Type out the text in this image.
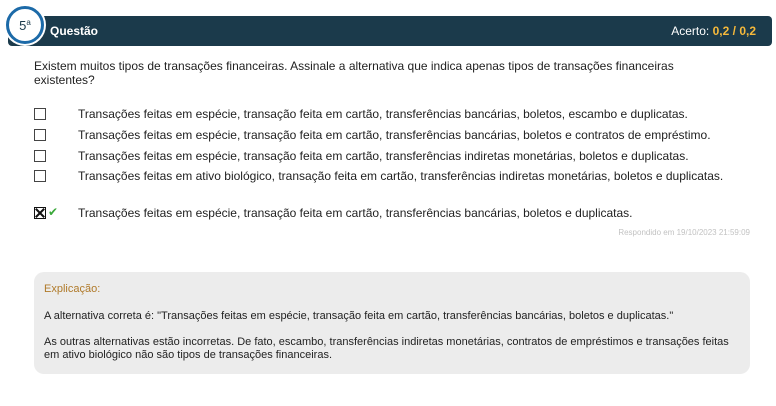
5$^a$
Questão	Acerto: 0,2 / 0,2
Existem muitos tipos de transações financeiras. Assinale a alternativa que indica apenas tipos de transações financeiras existentes?
Transações feitas em espécie, transação feita em cartão, transferências bancárias, boletos, escambo e duplicatas.
Transações feitas em espécie, transação feita em cartão, transferências bancárias, boletos e contratos de empréstimo.
Transações feitas em espécie, transação feita em cartão, transferências indiretas monetárias, boletos e duplicatas.
Transações feitas em ativo biológico, transação feita em cartão, transferências indiretas monetárias, boletos e duplicatas.
✔ Transações feitas em espécie, transação feita em cartão, transferências bancárias, boletos e duplicatas.
Respondido em 19/10/2023 21:59:09
Explicação:
A alternativa correta é: "Transações feitas em espécie, transação feita em cartão, transferências bancárias, boletos e duplicatas."
As outras alternativas estão incorretas. De fato, escambo, transferências indiretas monetárias, contratos de empréstimos e transações feitas em ativo biológico não são tipos de transações financeiras.
